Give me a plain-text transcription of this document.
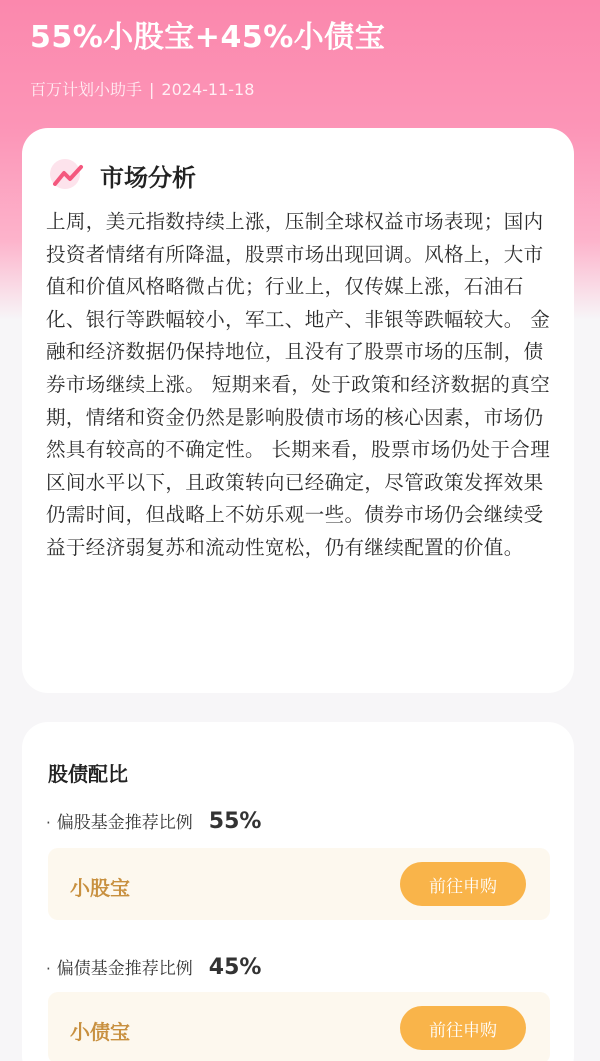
55%小股宝+45%小债宝
百万计划小助手 | 2024-11-18
市场分析

上周，美元指数持续上涨，压制全球权益市场表现；国内投资者情绪有所降温，股票市场出现回调。风格上，大市值和价值风格略微占优；行业上，仅传媒上涨，石油石化、银行等跌幅较小，军工、地产、非银等跌幅较大。 金融和经济数据仍保持地位，且没有了股票市场的压制，债券市场继续上涨。 短期来看，处于政策和经济数据的真空期，情绪和资金仍然是影响股债市场的核心因素，市场仍然具有较高的不确定性。 长期来看，股票市场仍处于合理区间水平以下，且政策转向已经确定，尽管政策发挥效果仍需时间，但战略上不妨乐观一些。债券市场仍会继续受益于经济弱复苏和流动性宽松，仍有继续配置的价值。

股债配比
· 偏股基金推荐比例 55%
小股宝	前往申购
· 偏债基金推荐比例 45%
小债宝	前往申购
